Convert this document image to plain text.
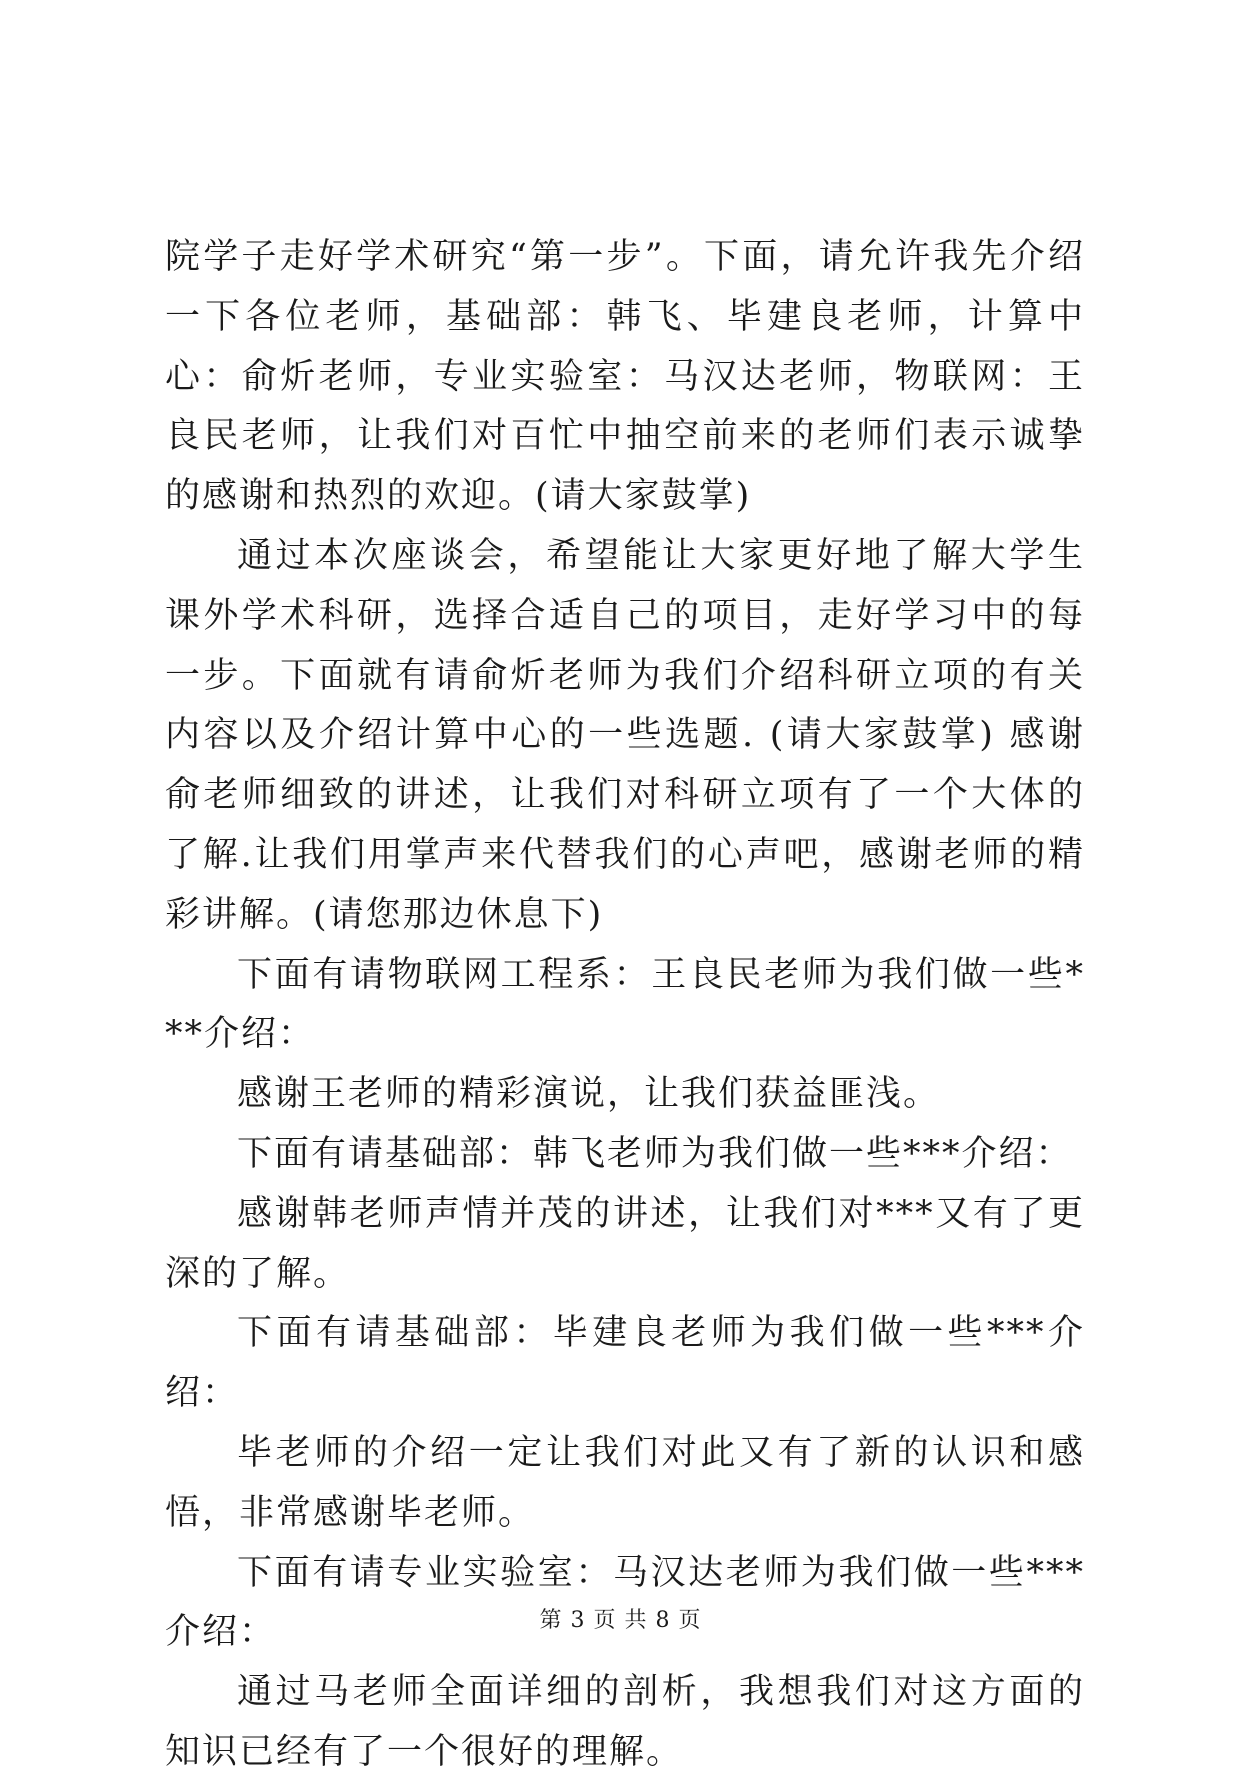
院学子走好学术研究“第一步”。下面，请允许我先介绍一下各位老师，基础部：韩飞、毕建良老师，计算中心：俞炘老师，专业实验室：马汉达老师，物联网：王良民老师，让我们对百忙中抽空前来的老师们表示诚挚的感谢和热烈的欢迎。(请大家鼓掌)

通过本次座谈会，希望能让大家更好地了解大学生课外学术科研，选择合适自己的项目，走好学习中的每一步。下面就有请俞炘老师为我们介绍科研立项的有关内容以及介绍计算中心的一些选题. (请大家鼓掌) 感谢俞老师细致的讲述，让我们对科研立项有了一个大体的了解.让我们用掌声来代替我们的心声吧，感谢老师的精彩讲解。(请您那边休息下)

下面有请物联网工程系：王良民老师为我们做一些***介绍：

感谢王老师的精彩演说，让我们获益匪浅。

下面有请基础部：韩飞老师为我们做一些***介绍：

感谢韩老师声情并茂的讲述，让我们对***又有了更深的了解。

下面有请基础部：毕建良老师为我们做一些***介绍：

毕老师的介绍一定让我们对此又有了新的认识和感悟，非常感谢毕老师。

下面有请专业实验室：马汉达老师为我们做一些***介绍：

通过马老师全面详细的剖析，我想我们对这方面的知识已经有了一个很好的理解。

第 3 页 共 8 页
